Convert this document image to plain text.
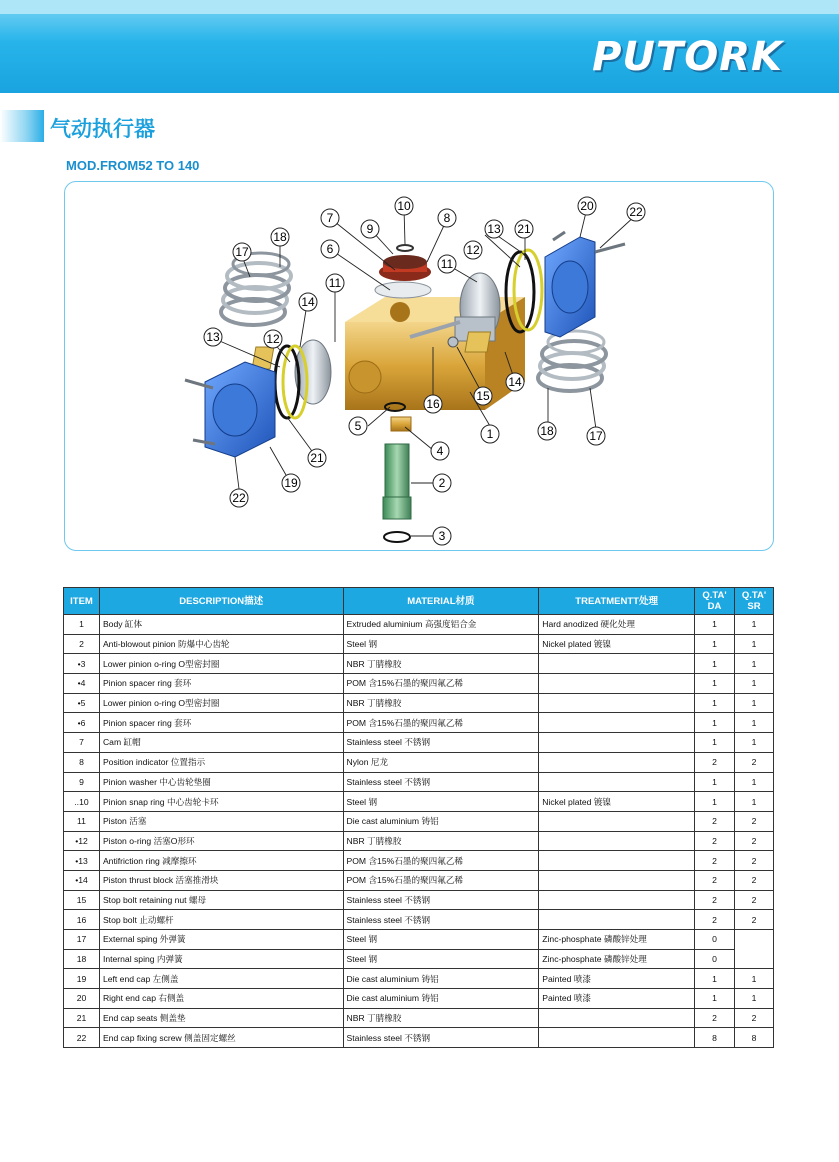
PUTORK
气动执行器
MOD.FROM52 TO 140
1
2
3
4
5
6
7	8
9
10
11
11
12
12
13
13
14
14
15
16
17
17
18
18
19
20
21
21
22
22
ITEM	DESCRIPTION描述	MATERIAL材质	TREATMENTT处理	Q.TA' DA	Q.TA' SR
1	Body 缸体	Extruded aluminium 高强度铝合金	Hard anodized 硬化处理	1	1
2	Anti-blowout pinion 防爆中心齿轮	Steel 钢	Nickel plated 镀镍	1	1
•3	Lower pinion o-ring O型密封圈	NBR 丁腈橡胶		1	1
•4	Pinion spacer ring 套环	POM 含15%石墨的聚四氟乙稀		1	1
•5	Lower pinion o-ring O型密封圈	NBR 丁腈橡胶		1	1
•6	Pinion spacer ring 套环	POM 含15%石墨的聚四氟乙稀		1	1
7	Cam 缸帽	Stainless steel 不锈钢		1	1
8	Position indicator 位置指示	Nylon 尼龙		2	2
9	Pinion washer 中心齿轮垫圈	Stainless steel 不锈钢		1	1
..10	Pinion snap ring 中心齿轮卡环	Steel 钢	Nickel plated 镀镍	1	1
11	Piston 活塞	Die cast aluminium 铸铝		2	2
•12	Piston o-ring 活塞O形环	NBR 丁腈橡胶		2	2
•13	Antifriction ring 减摩擦环	POM 含15%石墨的聚四氟乙稀		2	2
•14	Piston thrust block 活塞推滑块	POM 含15%石墨的聚四氟乙稀		2	2
15	Stop bolt retaining nut 螺母	Stainless steel 不锈钢		2	2
16	Stop bolt 止动螺杆	Stainless steel 不锈钢		2	2
17	External sping 外弹簧	Steel 钢	Zinc-phosphate 磷酸锌处理	0	
18	Internal sping 内弹簧	Steel 钢	Zinc-phosphate 磷酸锌处理	0	
19	Left end cap 左侧盖	Die cast aluminium 铸铝	Painted 喷漆	1	1
20	Right end cap 右侧盖	Die cast aluminium 铸铝	Painted 喷漆	1	1
21	End cap seats 侧盖垫	NBR 丁腈橡胶		2	2
22	End cap fixing screw 侧盖固定螺丝	Stainless steel 不锈钢		8	8
